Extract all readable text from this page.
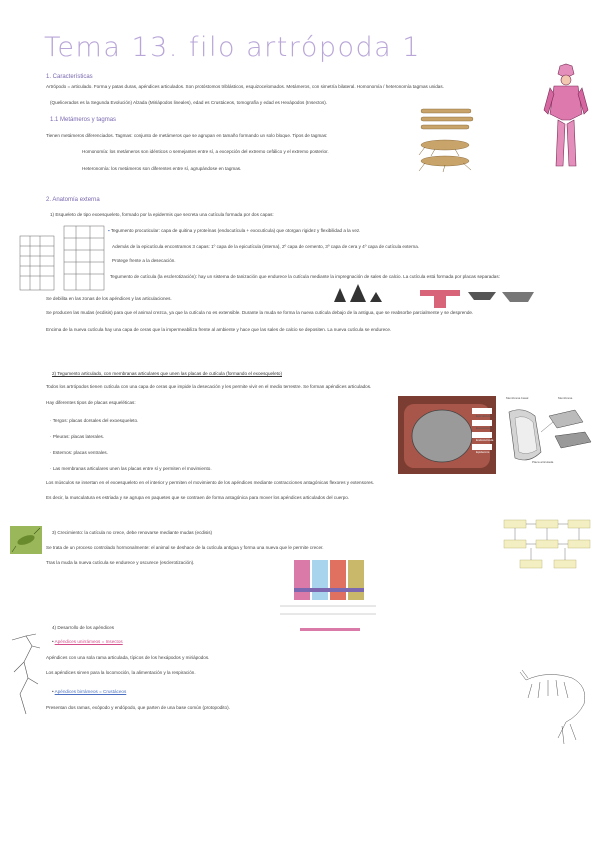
Tema 13. filo artrópoda 1
1. Características
Artrópodo = articulado. Forma y patas duras, apéndices articulados. Son protóstomos triblásticos, esquizocelomados. Metámeros, con simetría bilateral. Homonomía / heteronomía tagmas unidas.
(Quelicerados es la Segunda Evolución) Alzada (Miriápodos lineales), edad es Crustáceos, tomografía y edad es Hexápodos (Insectos).
1.1 Metámeros y tagmas
Tienen metámeros diferenciados. Tagmas: conjunto de metámeros que se agrupan en tamaño formando un solo bloque. Tipos de tagmas:
Homonomía: los metámeros son idénticos o semejantes entre sí, a excepción del extremo cefálico y el extremo posterior.
Heteronomía: los metámeros son diferentes entre sí, agrupándose en tagmas.
2. Anatomía externa
1) Esqueleto de tipo exoesqueleto, formado por la epidermis que secreta una cutícula formada por dos capas:
▪ Tegumento procuticular: capa de quitina y proteínas (endocutícula + exocutícula) que otorgan rigidez y flexibilidad a la vez.
Además de la epicutícula encontramos 3 capas: 1º capa de la epicutícula (interna), 2º capa de cemento, 3º capa de cera y 4º capa de cutícula externa.
Protege frente a la desecación.
Tegumento de cutícula (la esclerotización): hay un sistema de tanización que endurece la cutícula mediante la impregnación de sales de calcio. La cutícula está formada por placas separadas:
Se debilita en las zonas de los apéndices y las articulaciones.
Se producen las mudas (ecdisis) para que el animal crezca, ya que la cutícula no es extensible. Durante la muda se forma la nueva cutícula debajo de la antigua, que se reabsorbe parcialmente y se desprende.
Encima de la nueva cutícula hay una capa de ceras que la impermeabiliza frente al ambiente y hace que las sales de calcio se depositen. La nueva cutícula se endurece.
2) Tegumento articulado, con membranas articulares que unen las placas de cutícula (formando el exoesqueleto)
Todos los artrópodos tienen cutícula con una capa de ceras que impide la desecación y les permite vivir en el medio terrestre. Se forman apéndices articulados.
Hay diferentes tipos de placas esqueléticas:
· Tergos: placas dorsales del exoesqueleto.
· Pleuras: placas laterales.
· Esternos: placas ventrales.
· Las membranas articulares unen las placas entre sí y permiten el movimiento.
Los músculos se insertan en el exoesqueleto en el interior y permiten el movimiento de los apéndices mediante contracciones antagónicas flexores y extensores.
Es decir, la musculatura es estriada y se agrupa en paquetes que se contraen de forma antagónica para mover los apéndices articulados del cuerpo.
Epicutícula
Exocutícula
Endocutícula
Epidermis
Membrana basal	Membrana
Placa articulada
3) Crecimiento: la cutícula no crece, debe renovarse mediante mudas (ecdisis)
Se trata de un proceso controlado hormonalmente: el animal se deshace de la cutícula antigua y forma una nueva que le permite crecer.
Tras la muda la nueva cutícula se endurece y oscurece (esclerotización).
4) Desarrollo de los apéndices
• Apéndices unirrámeos = Insectos
Apéndices con una sola rama articulada, típicos de los hexápodos y miriápodos.
Los apéndices sirven para la locomoción, la alimentación y la respiración.
• Apéndices birrámeos = Crustáceos
Presentan dos ramas, exópodo y endópodo, que parten de una base común (protopodito).
